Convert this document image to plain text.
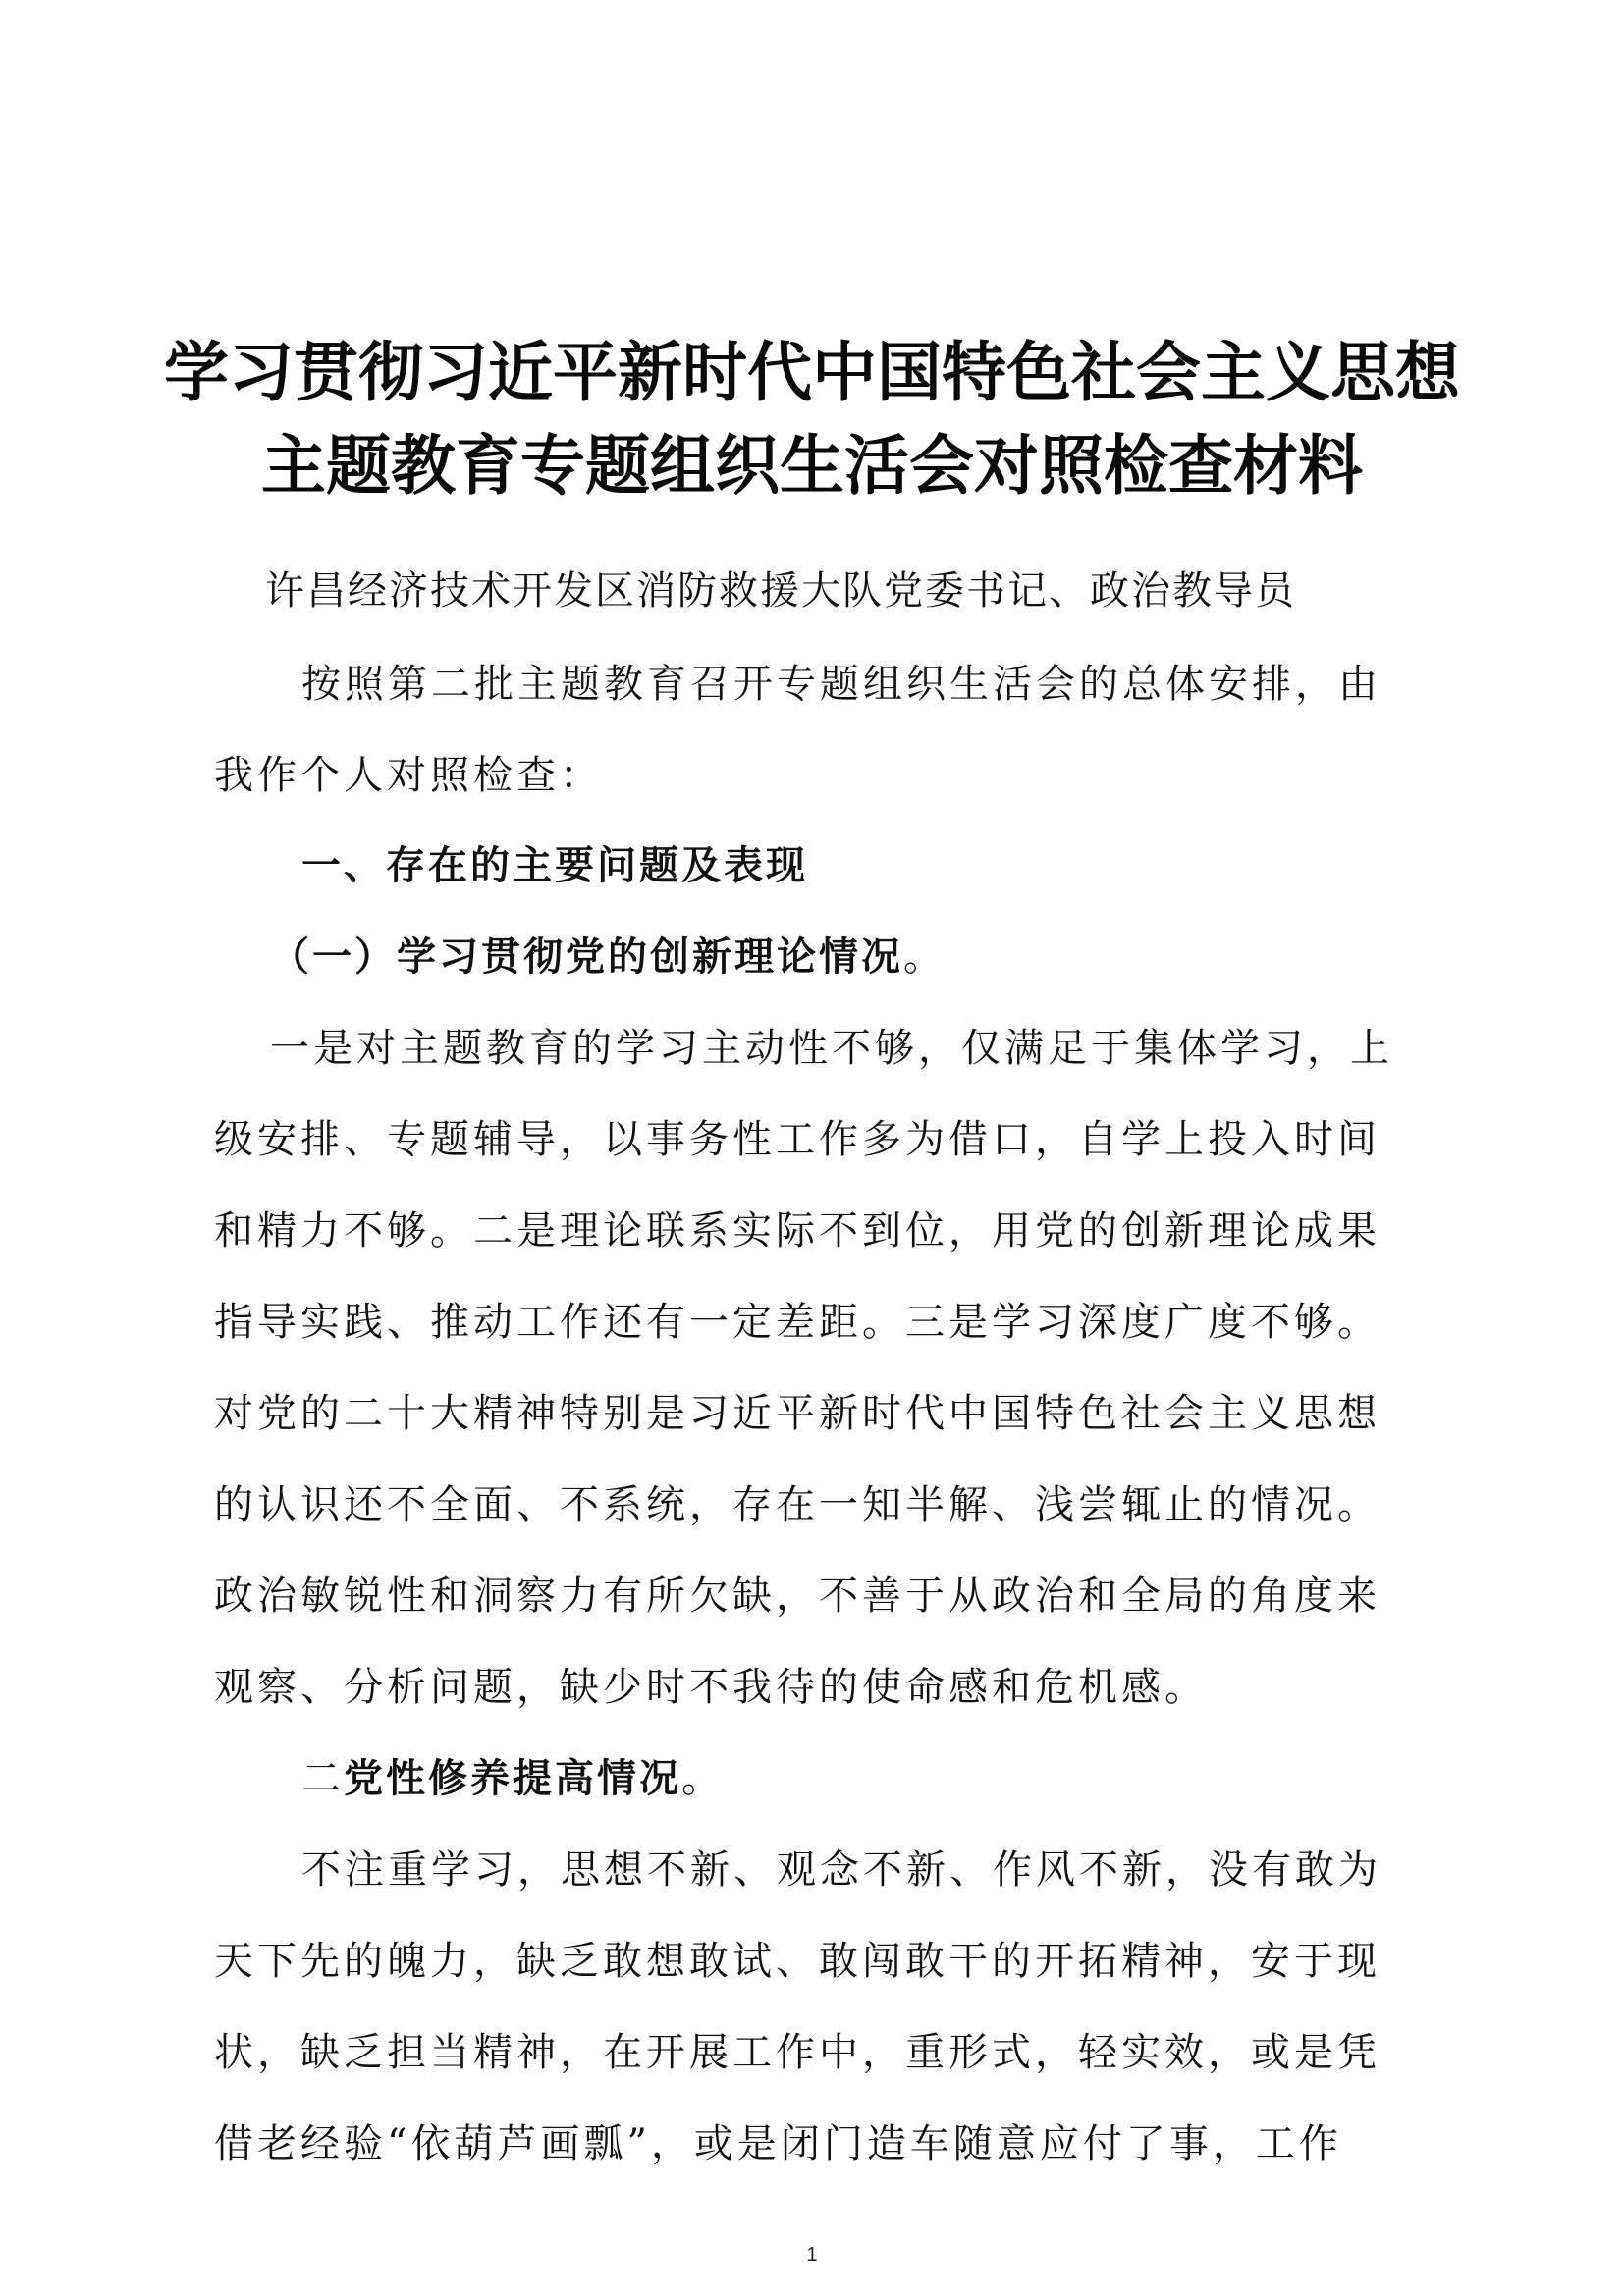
学习贯彻习近平新时代中国特色社会主义思想
主题教育专题组织生活会对照检查材料
许昌经济技术开发区消防救援大队党委书记、政治教导员
按照第二批主题教育召开专题组织生活会的总体安排，由
我作个人对照检查：
一、存在的主要问题及表现
（一）学习贯彻党的创新理论情况。
一是对主题教育的学习主动性不够，仅满足于集体学习，上
级安排、专题辅导，以事务性工作多为借口，自学上投入时间
和精力不够。二是理论联系实际不到位，用党的创新理论成果
指导实践、推动工作还有一定差距。三是学习深度广度不够。
对党的二十大精神特别是习近平新时代中国特色社会主义思想
的认识还不全面、不系统，存在一知半解、浅尝辄止的情况。
政治敏锐性和洞察力有所欠缺，不善于从政治和全局的角度来
观察、分析问题，缺少时不我待的使命感和危机感。
二党性修养提高情况。
不注重学习，思想不新、观念不新、作风不新，没有敢为
天下先的魄力，缺乏敢想敢试、敢闯敢干的开拓精神，安于现
状，缺乏担当精神，在开展工作中，重形式，轻实效，或是凭
借老经验“依葫芦画瓢”，或是闭门造车随意应付了事，工作
1
